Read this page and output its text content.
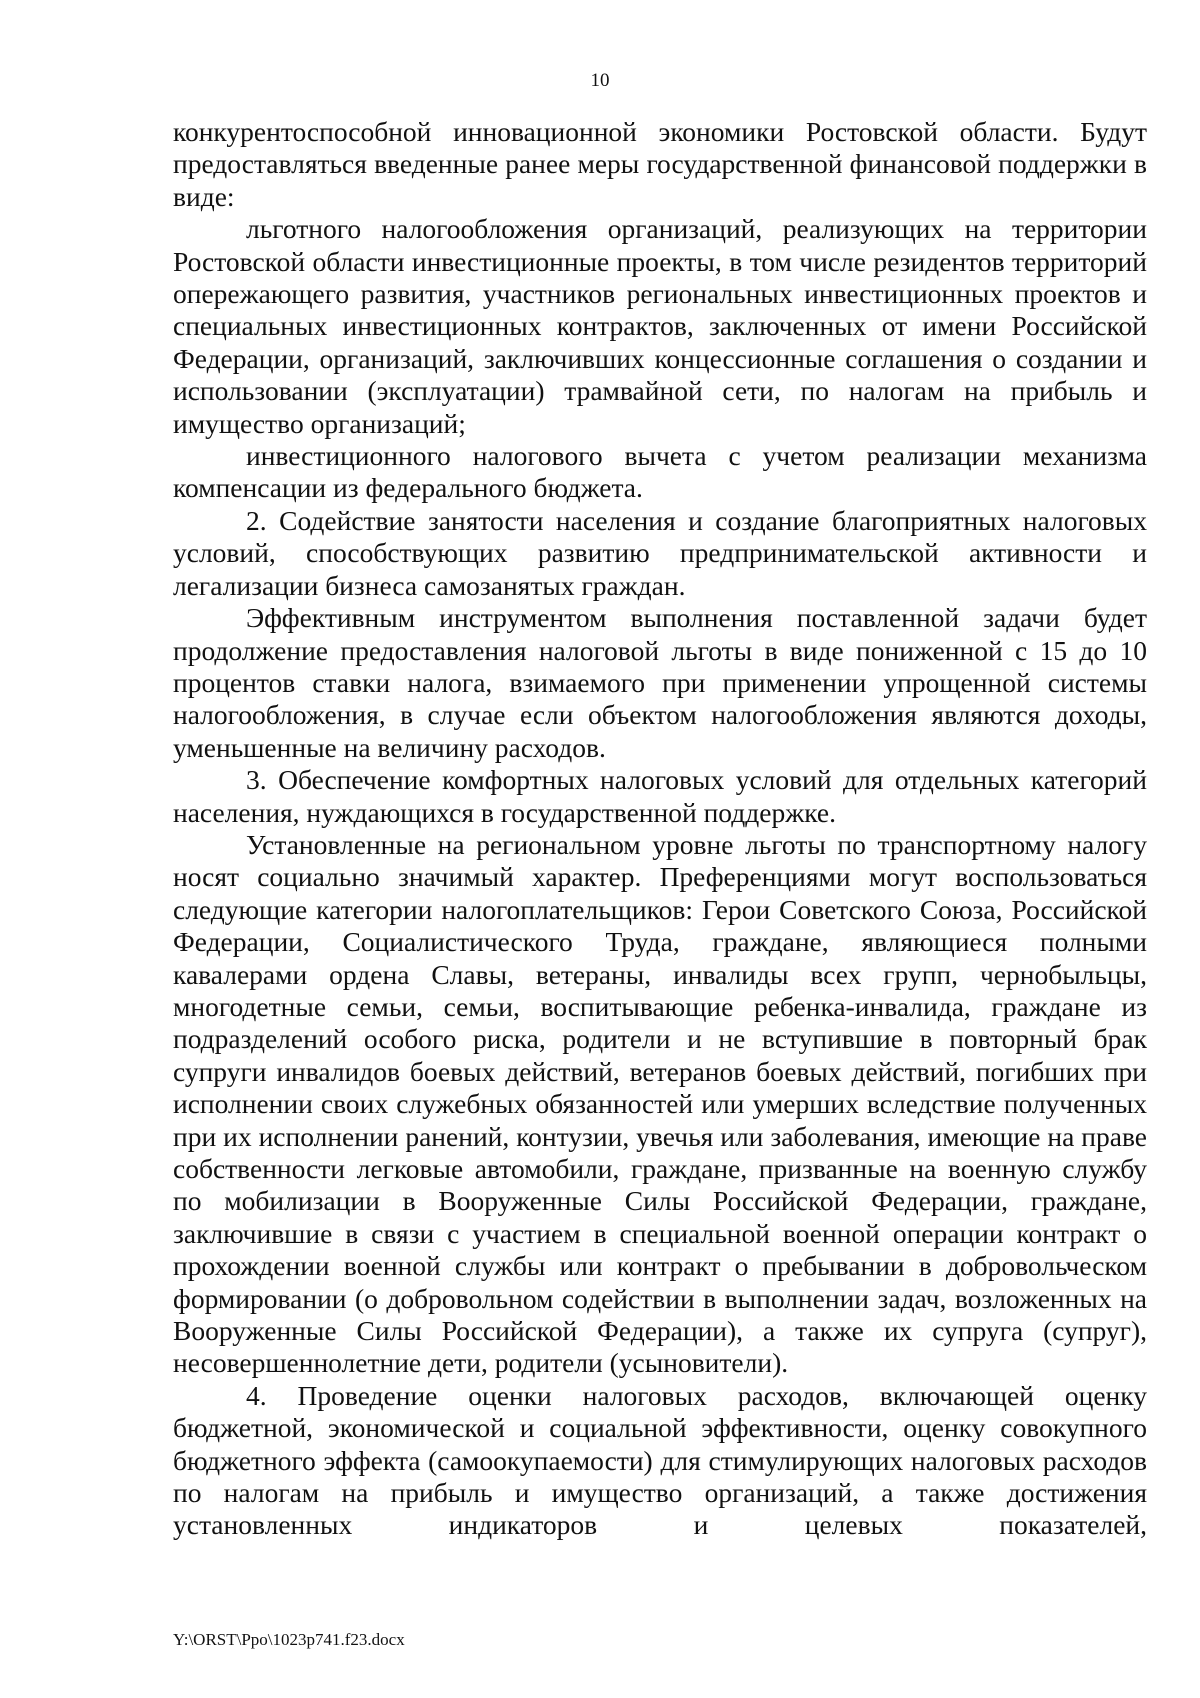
10

конкурентоспособной инновационной экономики Ростовской области. Будут предоставляться введенные ранее меры государственной финансовой поддержки в виде:

льготного налогообложения организаций, реализующих на территории Ростовской области инвестиционные проекты, в том числе резидентов территорий опережающего развития, участников региональных инвестиционных проектов и специальных инвестиционных контрактов, заключенных от имени Российской Федерации, организаций, заключивших концессионные соглашения о создании и использовании (эксплуатации) трамвайной сети, по налогам на прибыль и имущество организаций;

инвестиционного налогового вычета с учетом реализации механизма компенсации из федерального бюджета.

2. Содействие занятости населения и создание благоприятных налоговых условий, способствующих развитию предпринимательской активности и легализации бизнеса самозанятых граждан.

Эффективным инструментом выполнения поставленной задачи будет продолжение предоставления налоговой льготы в виде пониженной с 15 до 10 процентов ставки налога, взимаемого при применении упрощенной системы налогообложения, в случае если объектом налогообложения являются доходы, уменьшенные на величину расходов.

3. Обеспечение комфортных налоговых условий для отдельных категорий населения, нуждающихся в государственной поддержке.

Установленные на региональном уровне льготы по транспортному налогу носят социально значимый характер. Преференциями могут воспользоваться следующие категории налогоплательщиков: Герои Советского Союза, Российской Федерации, Социалистического Труда, граждане, являющиеся полными кавалерами ордена Славы, ветераны, инвалиды всех групп, чернобыльцы, многодетные семьи, семьи, воспитывающие ребенка-инвалида, граждане из подразделений особого риска, родители и не вступившие в повторный брак супруги инвалидов боевых действий, ветеранов боевых действий, погибших при исполнении своих служебных обязанностей или умерших вследствие полученных при их исполнении ранений, контузии, увечья или заболевания, имеющие на праве собственности легковые автомобили, граждане, призванные на военную службу по мобилизации в Вооруженные Силы Российской Федерации, граждане, заключившие в связи с участием в специальной военной операции контракт о прохождении военной службы или контракт о пребывании в добровольческом формировании (о добровольном содействии в выполнении задач, возложенных на Вооруженные Силы Российской Федерации), а также их супруга (супруг), несовершеннолетние дети, родители (усыновители).

4. Проведение оценки налоговых расходов, включающей оценку бюджетной, экономической и социальной эффективности, оценку совокупного бюджетного эффекта (самоокупаемости) для стимулирующих налоговых расходов по налогам на прибыль и имущество организаций, а также достижения установленных индикаторов и целевых показателей,

Y:\ORST\Ppo\1023p741.f23.docx
